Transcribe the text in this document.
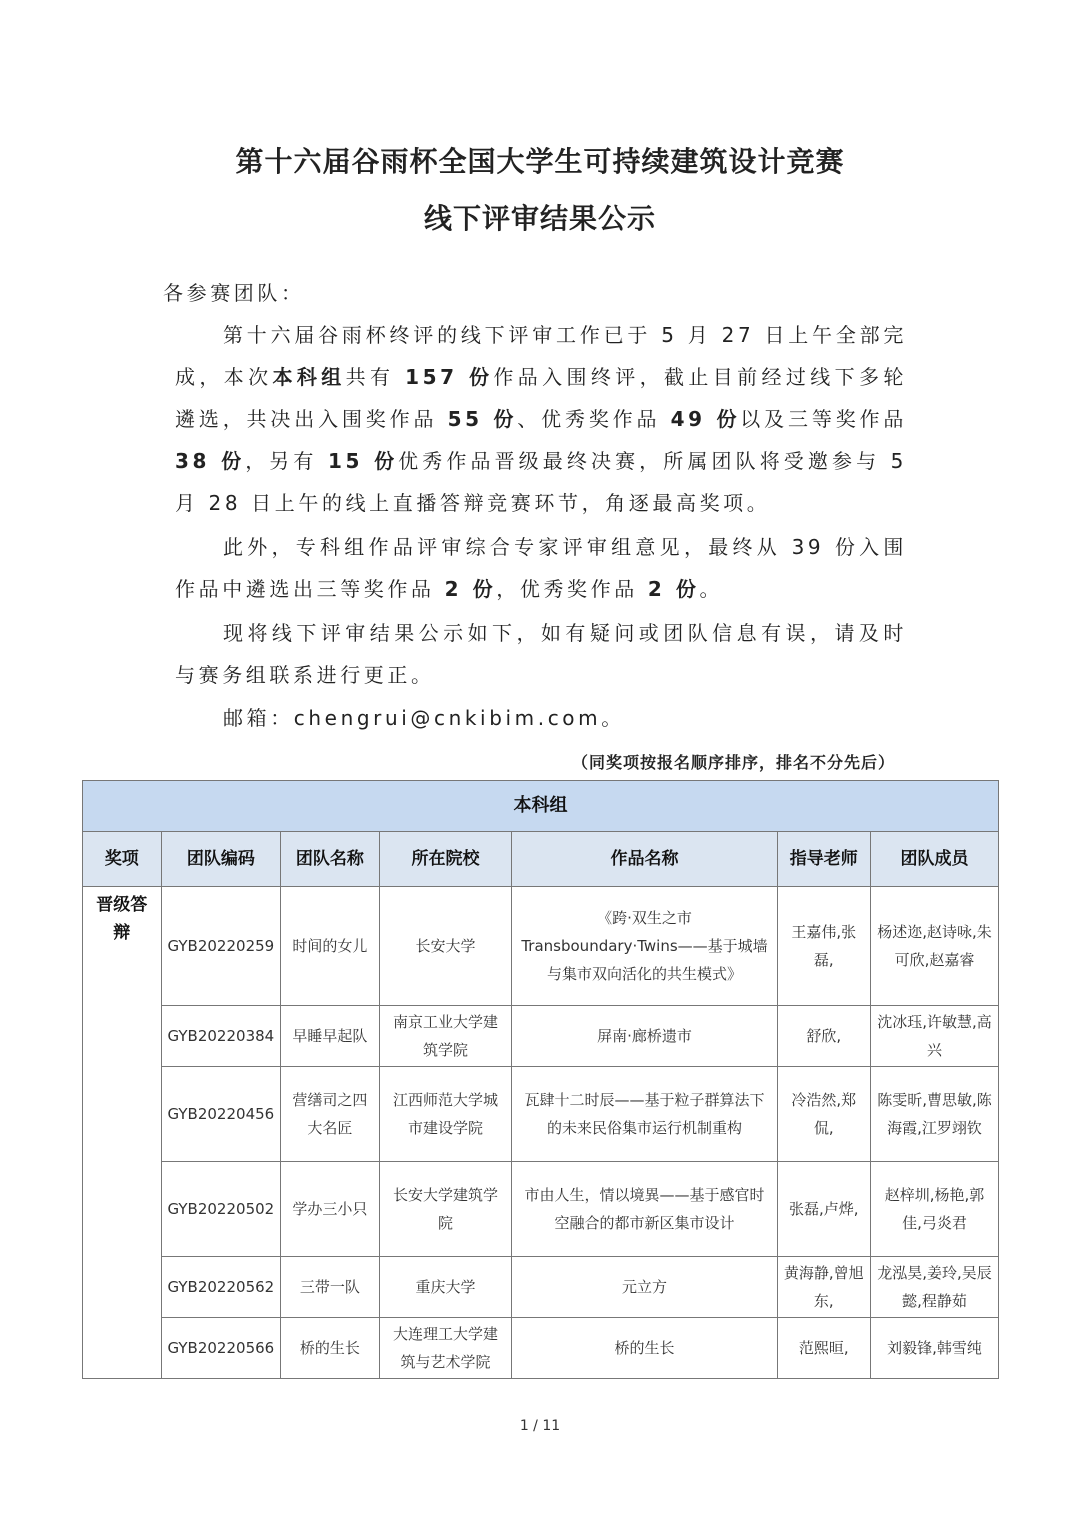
第十六届谷雨杯全国大学生可持续建筑设计竞赛
线下评审结果公示
各参赛团队：
第十六届谷雨杯终评的线下评审工作已于 5 月 27 日上午全部完成，本次本科组共有 157 份作品入围终评，截止目前经过线下多轮遴选，共决出入围奖作品 55 份、优秀奖作品 49 份以及三等奖作品 38 份，另有 15 份优秀作品晋级最终决赛，所属团队将受邀参与 5 月 28 日上午的线上直播答辩竞赛环节，角逐最高奖项。
此外，专科组作品评审综合专家评审组意见，最终从 39 份入围作品中遴选出三等奖作品 2 份，优秀奖作品 2 份。
现将线下评审结果公示如下，如有疑问或团队信息有误，请及时与赛务组联系进行更正。
邮箱：chengrui@cnkibim.com。
（同奖项按报名顺序排序，排名不分先后）
本科组						
奖项	团队编码	团队名称	所在院校	作品名称	指导老师	团队成员
晋级答辩	GYB20220259	时间的女儿	长安大学	《跨·双生之市 Transboundary·Twins——基于城墙与集市双向活化的共生模式》	王嘉伟,张磊,	杨述迩,赵诗咏,朱可欣,赵嘉睿
	GYB20220384	早睡早起队	南京工业大学建筑学院	屏南·廊桥遗市	舒欣,	沈冰珏,许敏慧,高兴
	GYB20220456	营缮司之四大名匠	江西师范大学城市建设学院	瓦肆十二时辰——基于粒子群算法下的未来民俗集市运行机制重构	冷浩然,郑侃,	陈雯昕,曹思敏,陈海霞,江罗翊钦
	GYB20220502	学办三小只	长安大学建筑学院	市由人生，情以境異——基于感官时空融合的都市新区集市设计	张磊,卢烨,	赵梓圳,杨艳,郭佳,弓炎君
	GYB20220562	三带一队	重庆大学	元立方	黄海静,曾旭东,	龙泓昊,姜玲,吴辰懿,程静茹
	GYB20220566	桥的生长	大连理工大学建筑与艺术学院	桥的生长	范熙晅,	刘毅锋,韩雪纯
1 / 11
